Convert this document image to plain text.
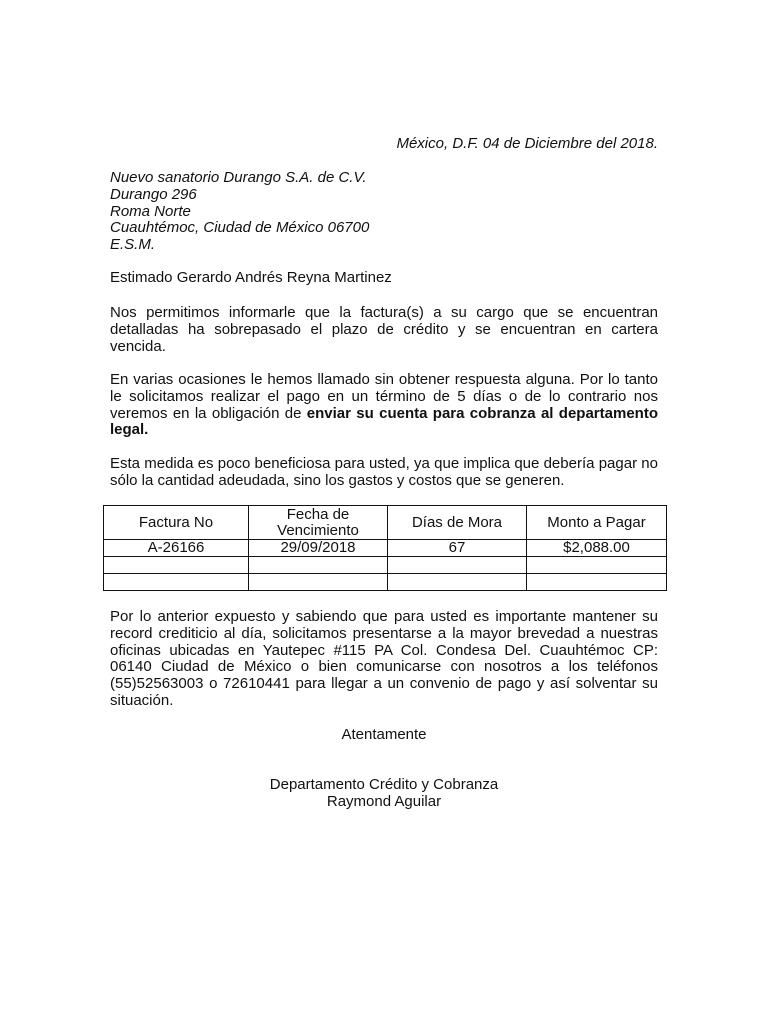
México, D.F. 04 de Diciembre del 2018.

Nuevo sanatorio Durango S.A. de C.V.
Durango 296
Roma Norte
Cuauhtémoc, Ciudad de México 06700
E.S.M.

Estimado Gerardo Andrés Reyna Martinez

Nos permitimos informarle que la factura(s) a su cargo que se encuentran detalladas ha sobrepasado el plazo de crédito y se encuentran en cartera vencida.

En varias ocasiones le hemos llamado sin obtener respuesta alguna. Por lo tanto le solicitamos realizar el pago en un término de 5 días o de lo contrario nos veremos en la obligación de enviar su cuenta para cobranza al departamento legal.

Esta medida es poco beneficiosa para usted, ya que implica que debería pagar no sólo la cantidad adeudada, sino los gastos y costos que se generen.

Factura No	Fecha de Vencimiento	Días de Mora	Monto a Pagar
A-26166	29/09/2018	67	$2,088.00

Por lo anterior expuesto y sabiendo que para usted es importante mantener su record crediticio al día, solicitamos presentarse a la mayor brevedad a nuestras oficinas ubicadas en Yautepec #115 PA Col. Condesa Del. Cuauhtémoc CP: 06140 Ciudad de México o bien comunicarse con nosotros a los teléfonos (55)52563003 o 72610441 para llegar a un convenio de pago y así solventar su situación.

Atentamente

Departamento Crédito y Cobranza
Raymond Aguilar
